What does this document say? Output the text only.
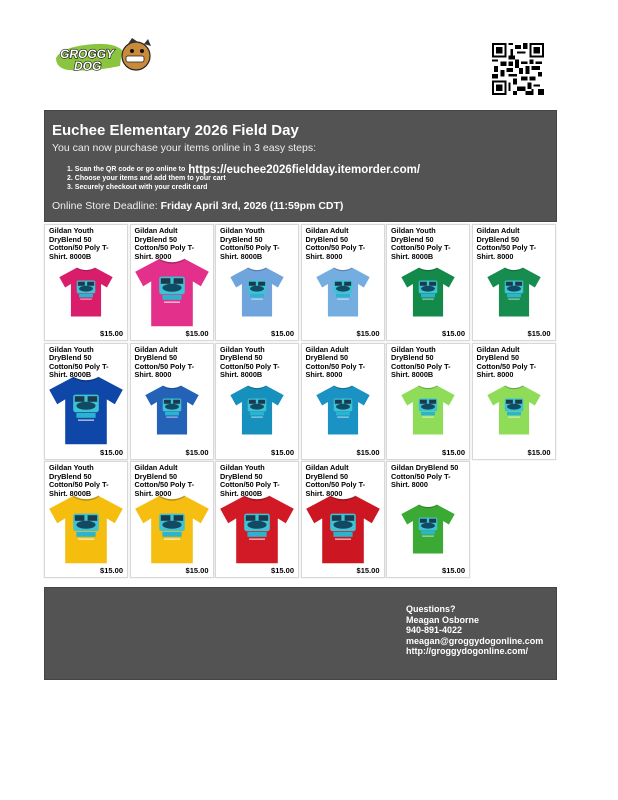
GROGGY
DOG
Euchee Elementary 2026 Field Day
You can now purchase your items online in 3 easy steps:
1. Scan the QR code or go online to https://euchee2026fieldday.itemorder.com/
2. Choose your items and add them to your cart
3. Securely checkout with your credit card
Online Store Deadline: Friday April 3rd, 2026 (11:59pm CDT)
Gildan Youth DryBlend 50 Cotton/50 Poly T-Shirt. 8000B
$15.00
Gildan Adult DryBlend 50 Cotton/50 Poly T-Shirt. 8000
$15.00
Gildan Youth DryBlend 50 Cotton/50 Poly T-Shirt. 8000B
$15.00
Gildan Adult DryBlend 50 Cotton/50 Poly T-Shirt. 8000
$15.00
Gildan Youth DryBlend 50 Cotton/50 Poly T-Shirt. 8000B
$15.00
Gildan Adult DryBlend 50 Cotton/50 Poly T-Shirt. 8000
$15.00
Gildan Youth DryBlend 50 Cotton/50 Poly T-Shirt. 8000B
$15.00
Gildan Adult DryBlend 50 Cotton/50 Poly T-Shirt. 8000
$15.00
Gildan Youth DryBlend 50 Cotton/50 Poly T-Shirt. 8000B
$15.00
Gildan Adult DryBlend 50 Cotton/50 Poly T-Shirt. 8000
$15.00
Gildan Youth DryBlend 50 Cotton/50 Poly T-Shirt. 8000B
$15.00
Gildan Adult DryBlend 50 Cotton/50 Poly T-Shirt. 8000
$15.00
Gildan Youth DryBlend 50 Cotton/50 Poly T-Shirt. 8000B
$15.00
Gildan Adult DryBlend 50 Cotton/50 Poly T-Shirt. 8000
$15.00
Gildan Youth DryBlend 50 Cotton/50 Poly T-Shirt. 8000B
$15.00
Gildan Adult DryBlend 50 Cotton/50 Poly T-Shirt. 8000
$15.00
Gildan DryBlend 50 Cotton/50 Poly T-Shirt. 8000
$15.00
Questions?
Meagan Osborne
940-891-4022
meagan@groggydogonline.com
http://groggydogonline.com/
